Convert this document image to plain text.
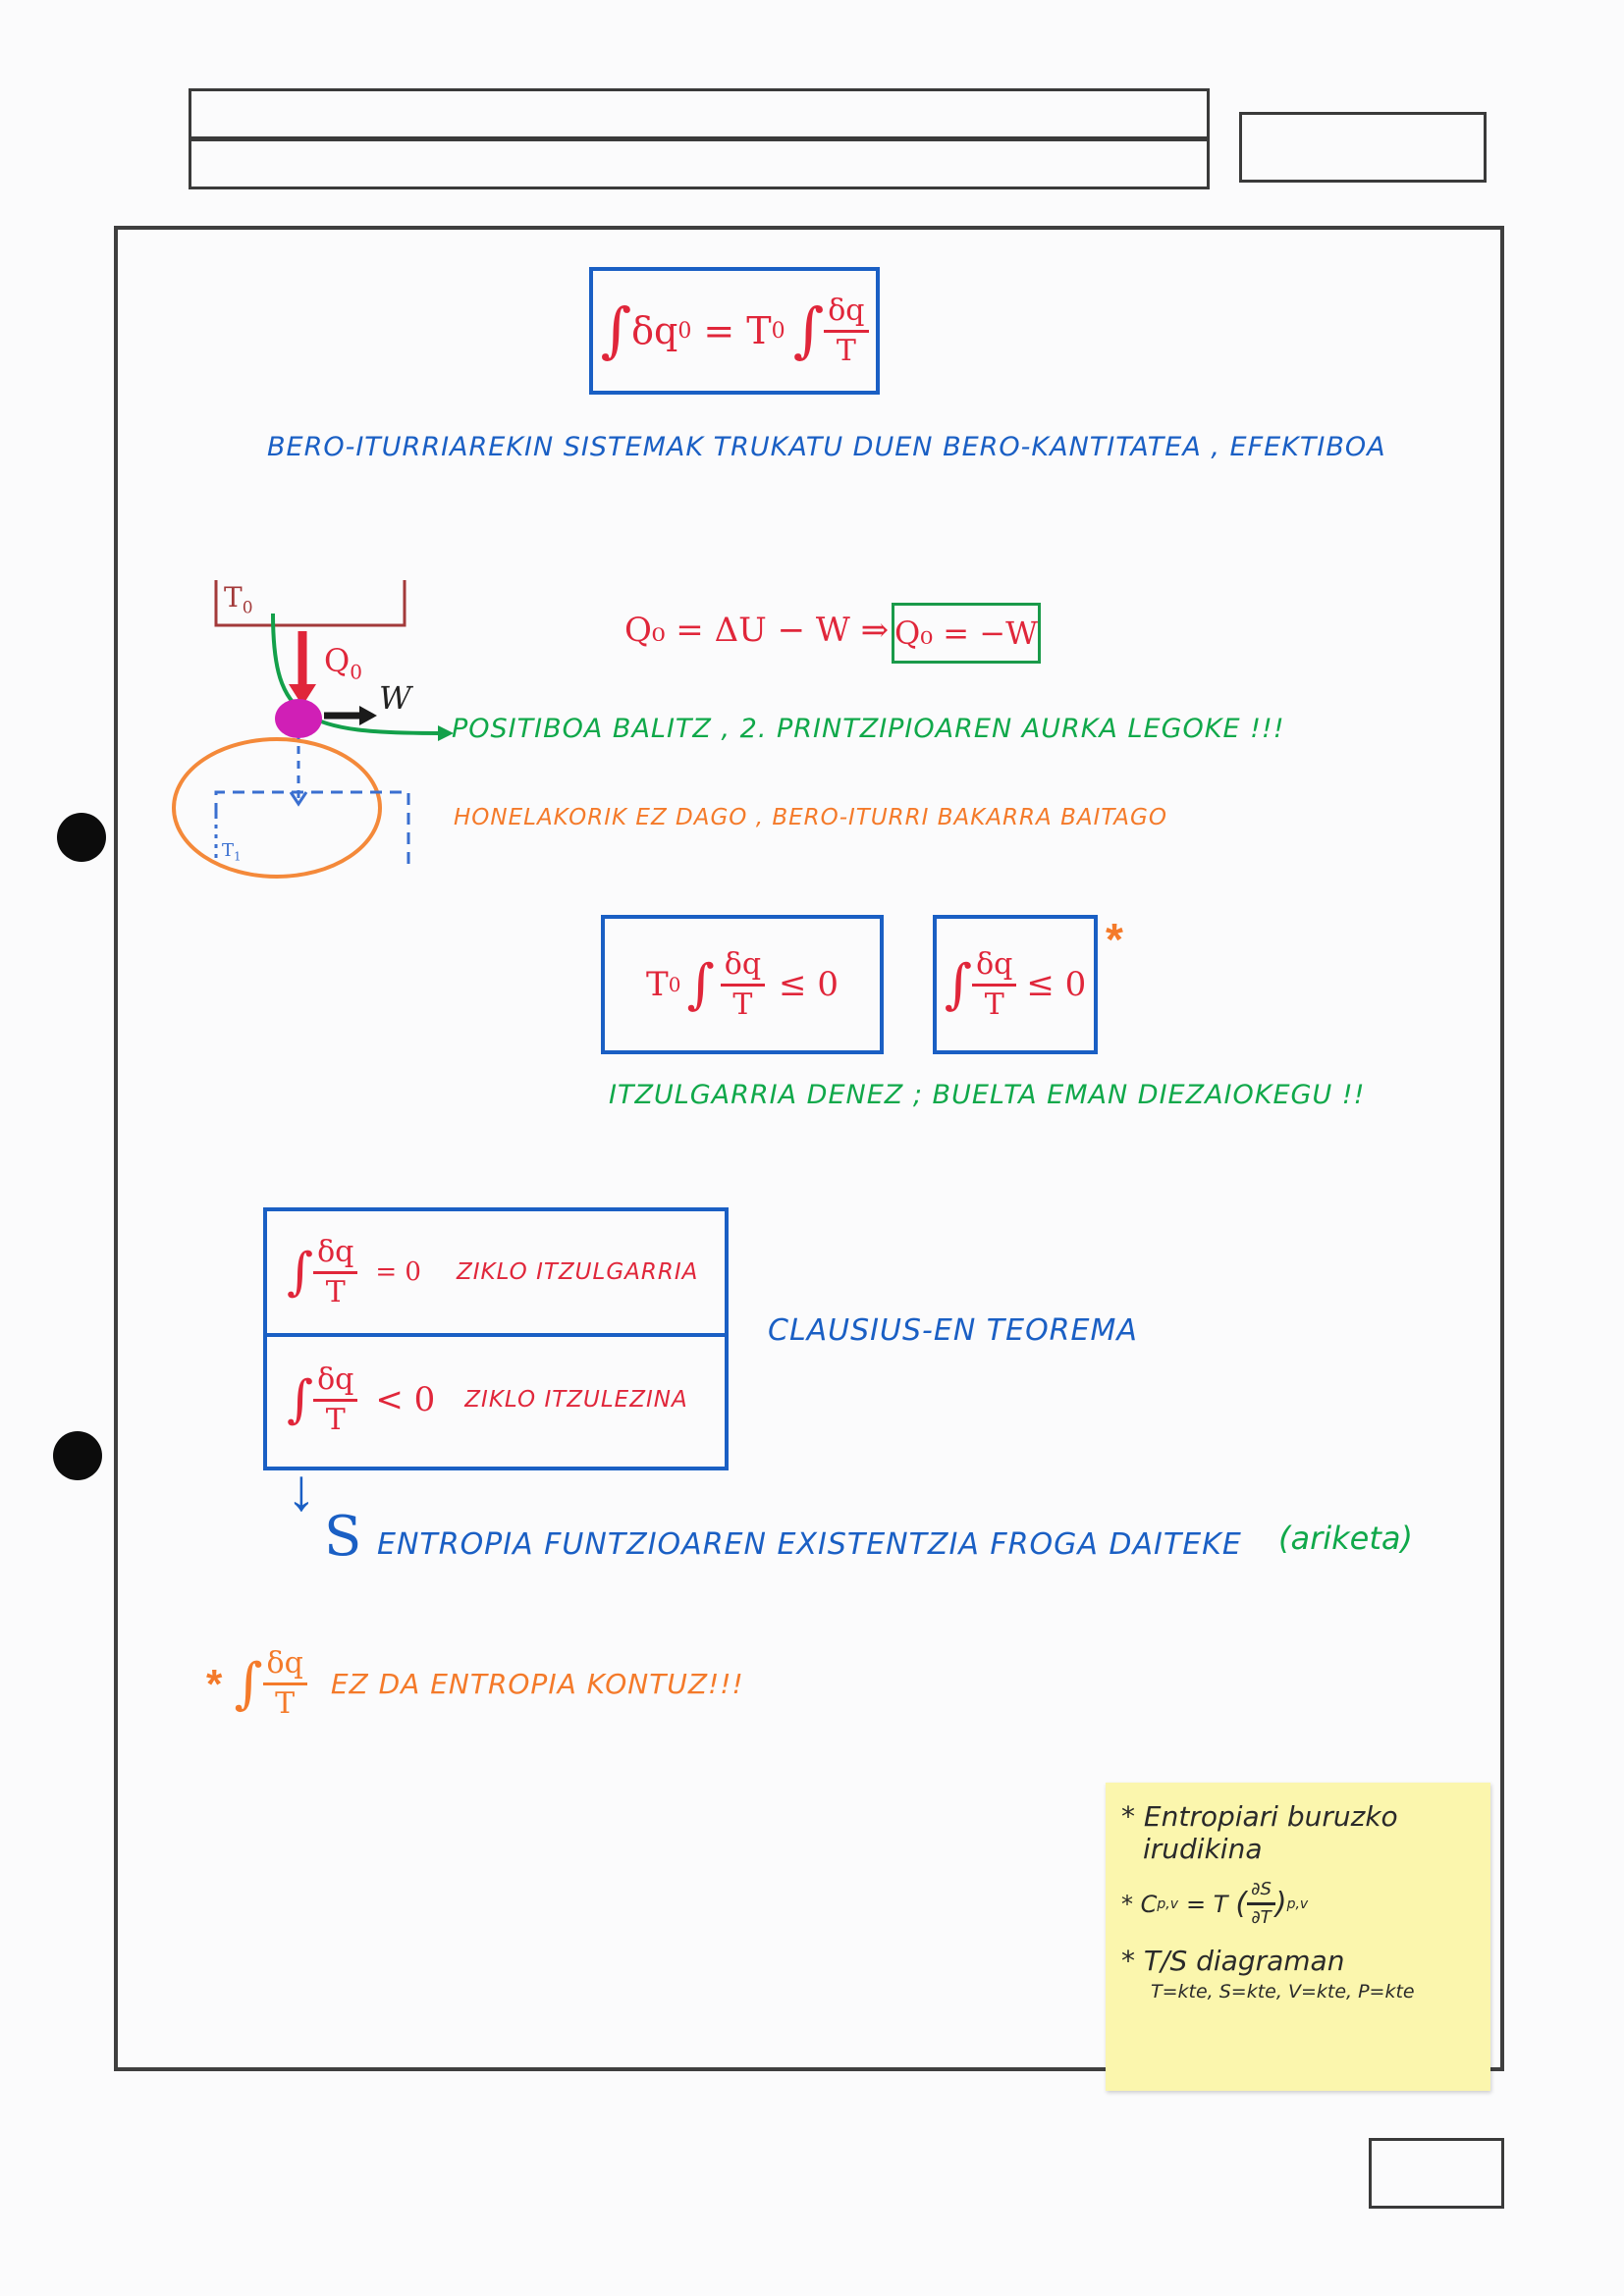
∫ δq 0 = T 0 ∫ $\frac{\delta q}{T}$
BERO-ITURRIAREKIN SISTEMAK TRUKATU DUEN BERO-KANTITATEA , EFEKTIBOA
$T_0$
$Q_0$
W
$T_1$
Q₀ = ΔU − W ⇒ Q₀ = −W
POSITIBOA BALITZ , 2. PRINTZIPIOAREN AURKA LEGOKE !!!
HONELAKORIK EZ DAGO , BERO-ITURRI BAKARRA BAITAGO
T 0 ∫ $\frac{\delta q}{T} \le 0$ ∫ $\frac{\delta q}{T} \le 0$
*
ITZULGARRIA DENEZ ; BUELTA EMAN DIEZAIOKEGU !!
∫ $\frac{\delta q}{T} = 0$ ZIKLO ITZULGARRIA
∫ $\frac{\delta q}{T} < 0$ ZIKLO ITZULEZINA
CLAUSIUS-EN TEOREMA
↓
S ENTROPIA FUNTZIOAREN EXISTENTZIA FROGA DAITEKE (ariketa)
* ∫ $\frac{\delta q}{T}$ EZ DA ENTROPIA KONTUZ!!!
* Entropiari buruzko
irudikina
* C p,v = T ( $\frac{\partial S}{\partial T}$ ) p,v
* T/S diagraman
T=kte, S=kte, V=kte, P=kte
